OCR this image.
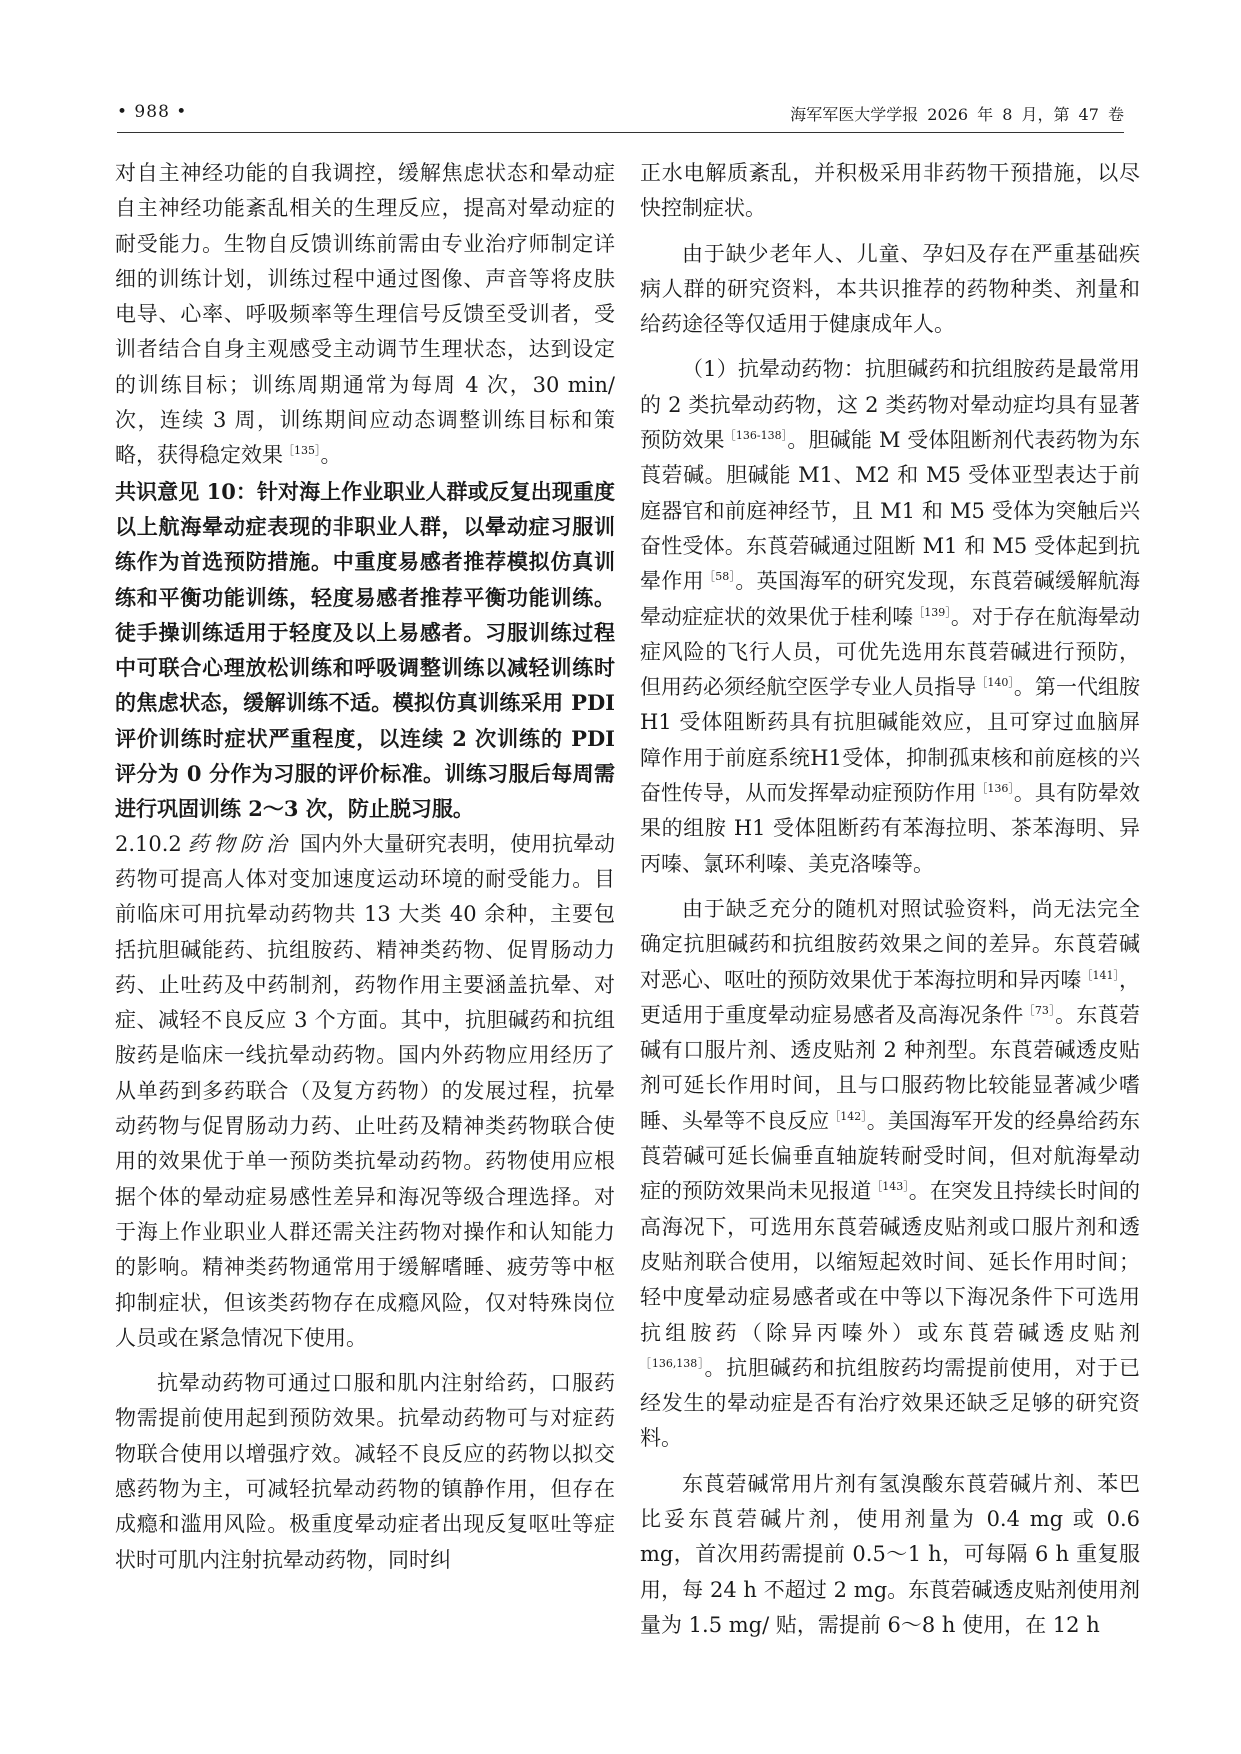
• 988 •	海军军医大学学报 2026 年 8 月，第 47 卷

对自主神经功能的自我调控，缓解焦虑状态和晕动症自主神经功能紊乱相关的生理反应，提高对晕动症的耐受能力。生物自反馈训练前需由专业治疗师制定详细的训练计划，训练过程中通过图像、声音等将皮肤电导、心率、呼吸频率等生理信号反馈至受训者，受训者结合自身主观感受主动调节生理状态，达到设定的训练目标；训练周期通常为每周 4 次，30 min/ 次，连续 3 周，训练期间应动态调整训练目标和策略，获得稳定效果$^{[135]}$。

共识意见 10：针对海上作业职业人群或反复出现重度以上航海晕动症表现的非职业人群，以晕动症习服训练作为首选预防措施。中重度易感者推荐模拟仿真训练和平衡功能训练，轻度易感者推荐平衡功能训练。徒手操训练适用于轻度及以上易感者。习服训练过程中可联合心理放松训练和呼吸调整训练以减轻训练时的焦虑状态，缓解训练不适。模拟仿真训练采用 PDI 评价训练时症状严重程度，以连续 2 次训练的 PDI 评分为 0 分作为习服的评价标准。训练习服后每周需进行巩固训练 2～3 次，防止脱习服。

2.10.2 药物防治 国内外大量研究表明，使用抗晕动药物可提高人体对变加速度运动环境的耐受能力。目前临床可用抗晕动药物共 13 大类 40 余种，主要包括抗胆碱能药、抗组胺药、精神类药物、促胃肠动力药、止吐药及中药制剂，药物作用主要涵盖抗晕、对症、减轻不良反应 3 个方面。其中，抗胆碱药和抗组胺药是临床一线抗晕动药物。国内外药物应用经历了从单药到多药联合（及复方药物）的发展过程，抗晕动药物与促胃肠动力药、止吐药及精神类药物联合使用的效果优于单一预防类抗晕动药物。药物使用应根据个体的晕动症易感性差异和海况等级合理选择。对于海上作业职业人群还需关注药物对操作和认知能力的影响。精神类药物通常用于缓解嗜睡、疲劳等中枢抑制症状，但该类药物存在成瘾风险，仅对特殊岗位人员或在紧急情况下使用。

抗晕动药物可通过口服和肌内注射给药，口服药物需提前使用起到预防效果。抗晕动药物可与对症药物联合使用以增强疗效。减轻不良反应的药物以拟交感药物为主，可减轻抗晕动药物的镇静作用，但存在成瘾和滥用风险。极重度晕动症者出现反复呕吐等症状时可肌内注射抗晕动药物，同时纠

正水电解质紊乱，并积极采用非药物干预措施，以尽快控制症状。

由于缺少老年人、儿童、孕妇及存在严重基础疾病人群的研究资料，本共识推荐的药物种类、剂量和给药途径等仅适用于健康成年人。

（1）抗晕动药物：抗胆碱药和抗组胺药是最常用的 2 类抗晕动药物，这 2 类药物对晕动症均具有显著预防效果$^{[136-138]}$。胆碱能 M 受体阻断剂代表药物为东莨菪碱。胆碱能 M1、M2 和 M5 受体亚型表达于前庭器官和前庭神经节，且 M1 和 M5 受体为突触后兴奋性受体。东莨菪碱通过阻断 M1 和 M5 受体起到抗晕作用$^{[58]}$。英国海军的研究发现，东莨菪碱缓解航海晕动症症状的效果优于桂利嗪$^{[139]}$。对于存在航海晕动症风险的飞行人员，可优先选用东莨菪碱进行预防，但用药必须经航空医学专业人员指导$^{[140]}$。第一代组胺 H1 受体阻断药具有抗胆碱能效应，且可穿过血脑屏障作用于前庭系统H1受体，抑制孤束核和前庭核的兴奋性传导，从而发挥晕动症预防作用$^{[136]}$。具有防晕效果的组胺 H1 受体阻断药有苯海拉明、茶苯海明、异丙嗪、氯环利嗪、美克洛嗪等。

由于缺乏充分的随机对照试验资料，尚无法完全确定抗胆碱药和抗组胺药效果之间的差异。东莨菪碱对恶心、呕吐的预防效果优于苯海拉明和异丙嗪$^{[141]}$，更适用于重度晕动症易感者及高海况条件$^{[73]}$。东莨菪碱有口服片剂、透皮贴剂 2 种剂型。东莨菪碱透皮贴剂可延长作用时间，且与口服药物比较能显著减少嗜睡、头晕等不良反应$^{[142]}$。美国海军开发的经鼻给药东莨菪碱可延长偏垂直轴旋转耐受时间，但对航海晕动症的预防效果尚未见报道$^{[143]}$。在突发且持续长时间的高海况下，可选用东莨菪碱透皮贴剂或口服片剂和透皮贴剂联合使用，以缩短起效时间、延长作用时间；轻中度晕动症易感者或在中等以下海况条件下可选用抗组胺药（除异丙嗪外）或东莨菪碱透皮贴剂$^{[136,138]}$。抗胆碱药和抗组胺药均需提前使用，对于已经发生的晕动症是否有治疗效果还缺乏足够的研究资料。

东莨菪碱常用片剂有氢溴酸东莨菪碱片剂、苯巴比妥东莨菪碱片剂，使用剂量为 0.4 mg 或 0.6 mg，首次用药需提前 0.5～1 h，可每隔 6 h 重复服用，每 24 h 不超过 2 mg。东莨菪碱透皮贴剂使用剂量为 1.5 mg/ 贴，需提前 6～8 h 使用，在 12 h
